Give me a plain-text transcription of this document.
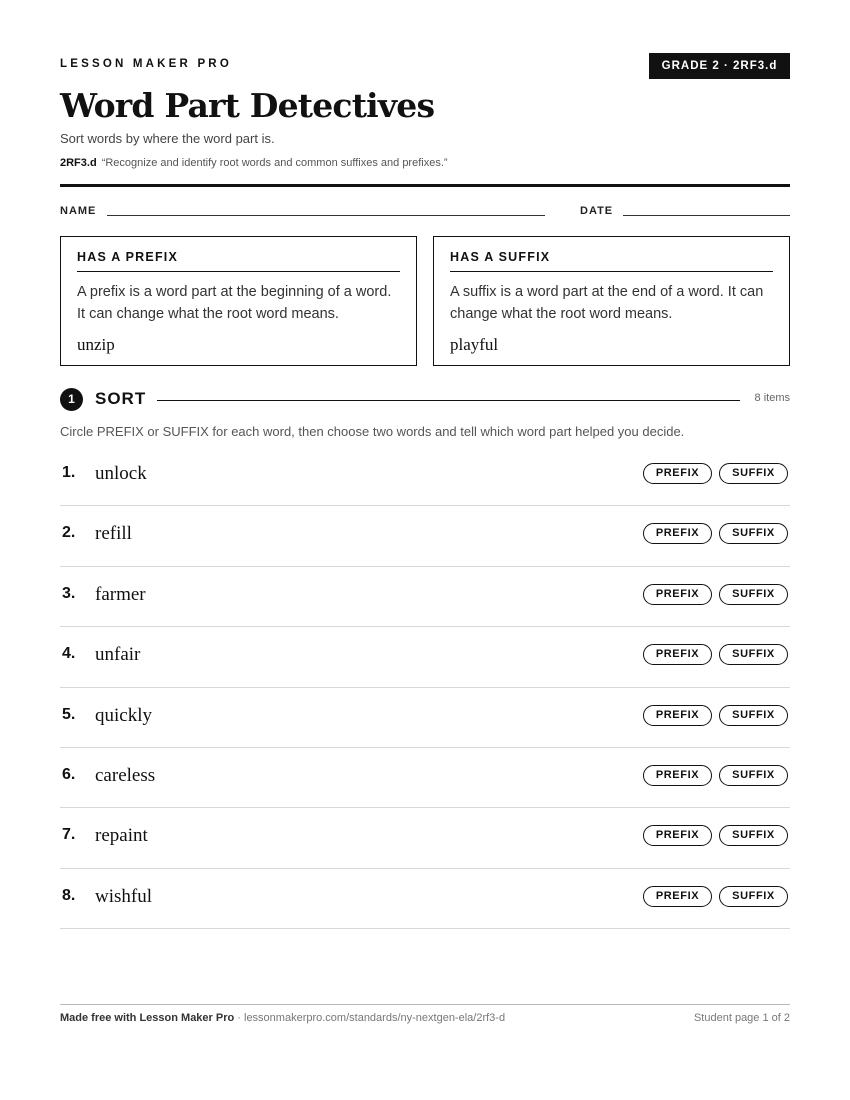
LESSON MAKER PRO	GRADE 2 · 2RF3.d
Word Part Detectives
Sort words by where the word part is.
2RF3.d “Recognize and identify root words and common suffixes and prefixes.”
NAME	DATE
HAS A PREFIX
A prefix is a word part at the beginning of a word. It can change what the root word means.
unzip
HAS A SUFFIX
A suffix is a word part at the end of a word. It can change what the root word means.
playful
1	SORT	8 items
Circle PREFIX or SUFFIX for each word, then choose two words and tell which word part helped you decide.
1. unlock	PREFIX	SUFFIX
2. refill	PREFIX	SUFFIX
3. farmer	PREFIX	SUFFIX
4. unfair	PREFIX	SUFFIX
5. quickly	PREFIX	SUFFIX
6. careless	PREFIX	SUFFIX
7. repaint	PREFIX	SUFFIX
8. wishful	PREFIX	SUFFIX
Made free with Lesson Maker Pro · lessonmakerpro.com/standards/ny-nextgen-ela/2rf3-d	Student page 1 of 2
